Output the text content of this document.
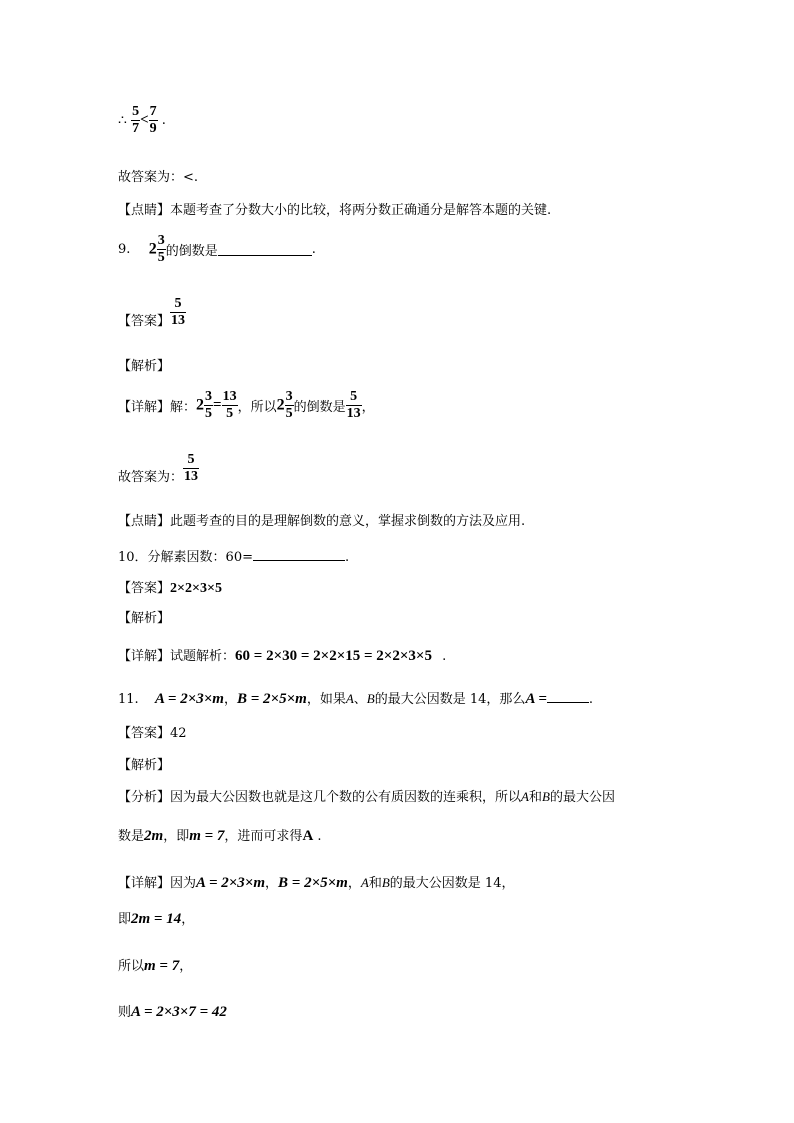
∴ $\frac{5}{7} < \frac{7}{9}$ .
故答案为：<.
【点睛】本题考查了分数大小的比较，将两分数正确通分是解答本题的关键.
9. $2 \frac{3}{5}$ 的倒数是	.
【答案】 $\frac{5}{13}$
【解析】
【详解】解：$2 \frac{3}{5} = \frac{13}{5}$ ，所以$2 \frac{3}{5}$ 的倒数是 $\frac{5}{13}$ ，
故答案为： $\frac{5}{13}$
【点睛】此题考查的目的是理解倒数的意义，掌握求倒数的方法及应用.
10．分解素因数：60=	.
【答案】2×2×3×5
【解析】
【详解】试题解析：60 = 2×30 = 2×2×15 = 2×2×3×5 .
11. A = 2×3×m，B = 2×5×m，如果A、B的最大公因数是 14，那么A =	.
【答案】42
【解析】
【分析】因为最大公因数也就是这几个数的公有质因数的连乘积，所以A和B的最大公因
数是2m，即m = 7，进而可求得A .
【详解】因为A = 2×3×m，B = 2×5×m，A和B的最大公因数是 14，
即2m = 14，
所以m = 7，
则A = 2×3×7 = 42
